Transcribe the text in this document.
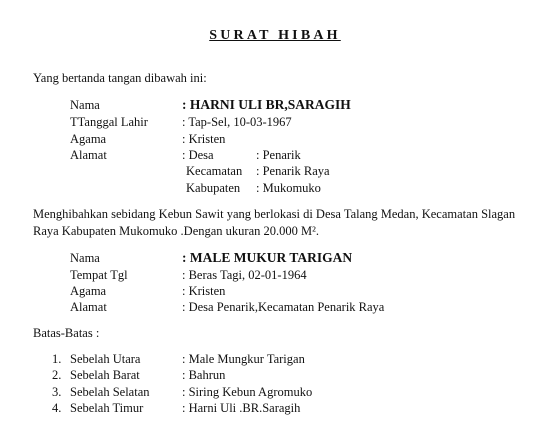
SURAT HIBAH
Yang bertanda tangan dibawah ini:
Nama	: HARNI ULI BR,SARAGIH
TTanggal Lahir	: Tap-Sel, 10-03-1967
Agama	: Kristen
Alamat	: Desa	: Penarik
Kecamatan : Penarik Raya
Kabupaten : Mukomuko
Menghibahkan sebidang Kebun Sawit yang berlokasi di Desa Talang Medan, Kecamatan Slagan Raya Kabupaten Mukomuko .Dengan ukuran 20.000 M².
Nama	: MALE MUKUR TARIGAN
Tempat Tgl	: Beras Tagi, 02-01-1964
Agama	: Kristen
Alamat	: Desa Penarik,Kecamatan Penarik Raya
Batas-Batas :
1. Sebelah Utara	: Male Mungkur Tarigan
2. Sebelah Barat	: Bahrun
3. Sebelah Selatan	: Siring Kebun Agromuko
4. Sebelah Timur	: Harni Uli .BR.Saragih
